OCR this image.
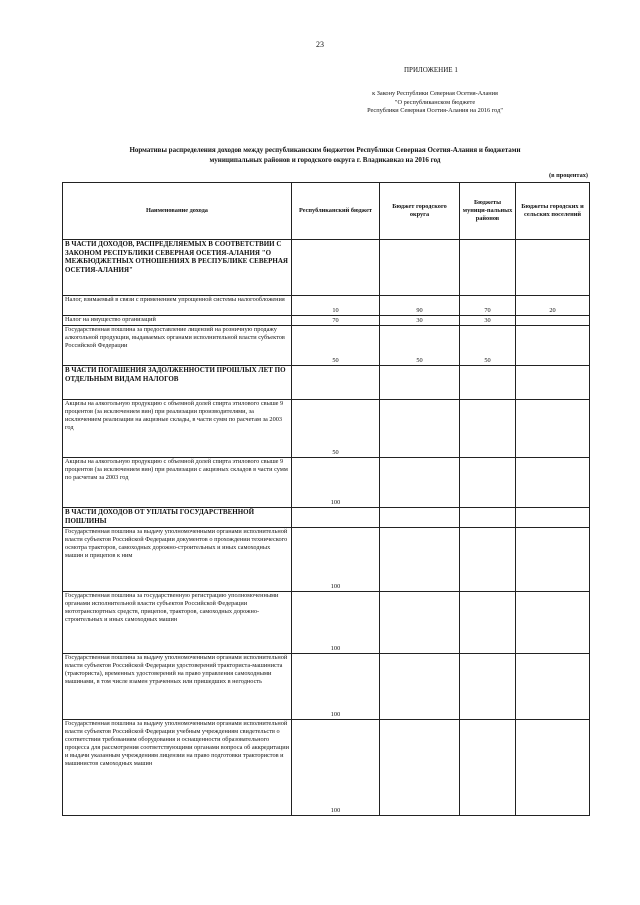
23
ПРИЛОЖЕНИЕ 1
к Закону Республики Северная Осетия-Алания
"О республиканском бюджете
Республики Северная Осетия-Алания на 2016 год"
Нормативы распределения доходов между республиканским бюджетом Республики Северная Осетия-Алания и бюджетами
муниципальных районов и городского округа г. Владикавказ на 2016 год
(в процентах)
Наименование дохода	Республиканский бюджет	Бюджет городского округа	Бюджеты муници-пальных районов	Бюджеты городских и сельских поселений
В ЧАСТИ ДОХОДОВ, РАСПРЕДЕЛЯЕМЫХ В СООТВЕТСТВИИ С ЗАКОНОМ РЕСПУБЛИКИ СЕВЕРНАЯ ОСЕТИЯ-АЛАНИЯ "О МЕЖБЮДЖЕТНЫХ ОТНОШЕНИЯХ В РЕСПУБЛИКЕ СЕВЕРНАЯ ОСЕТИЯ-АЛАНИЯ"				
Налог, взимаемый в связи с применением упрощенной системы налогообложения	10	90	70	20
Налог на имущество организаций	70	30	30	
Государственная пошлина за предоставление лицензий на розничную продажу алкогольной продукции, выдаваемых органами исполнительной власти субъектов Российской Федерации	50	50	50	
В ЧАСТИ ПОГАШЕНИЯ ЗАДОЛЖЕННОСТИ ПРОШЛЫХ ЛЕТ ПО ОТДЕЛЬНЫМ ВИДАМ НАЛОГОВ				
Акцизы на алкогольную продукцию с объемной долей спирта этилового свыше 9 процентов (за исключением вин) при реализации производителями, за исключением реализации на акцизные склады, в части сумм по расчетам за 2003 год	50			
Акцизы на алкогольную продукцию с объемной долей спирта этилового свыше 9 процентов (за исключением вин) при реализации с акцизных складов в части сумм по расчетам за 2003 год	100			
В ЧАСТИ ДОХОДОВ ОТ УПЛАТЫ ГОСУДАРСТВЕННОЙ ПОШЛИНЫ				
Государственная пошлина за выдачу уполномоченными органами исполнительной власти субъектов Российской Федерации документов о прохождении технического осмотра тракторов, самоходных дорожно-строительных и иных самоходных машин и прицепов к ним	100			
Государственная пошлина за государственную регистрацию уполномоченными органами исполнительной власти субъектов Российской Федерации мототранспортных средств, прицепов, тракторов, самоходных дорожно-строительных и иных самоходных машин	100			
Государственная пошлина за выдачу уполномоченными органами исполнительной власти субъектов Российской Федерации удостоверений тракториста-машиниста (тракториста), временных удостоверений на право управления самоходными машинами, в том числе взамен утраченных или пришедших в негодность	100			
Государственная пошлина за выдачу уполномоченными органами исполнительной власти субъектов Российской Федерации учебным учреждениям свидетельств о соответствии требованиям оборудования и оснащенности образовательного процесса для рассмотрения соответствующими органами вопроса об аккредитации и выдачи указанным учреждениям лицензии на право подготовки трактористов и машинистов самоходных машин	100			
